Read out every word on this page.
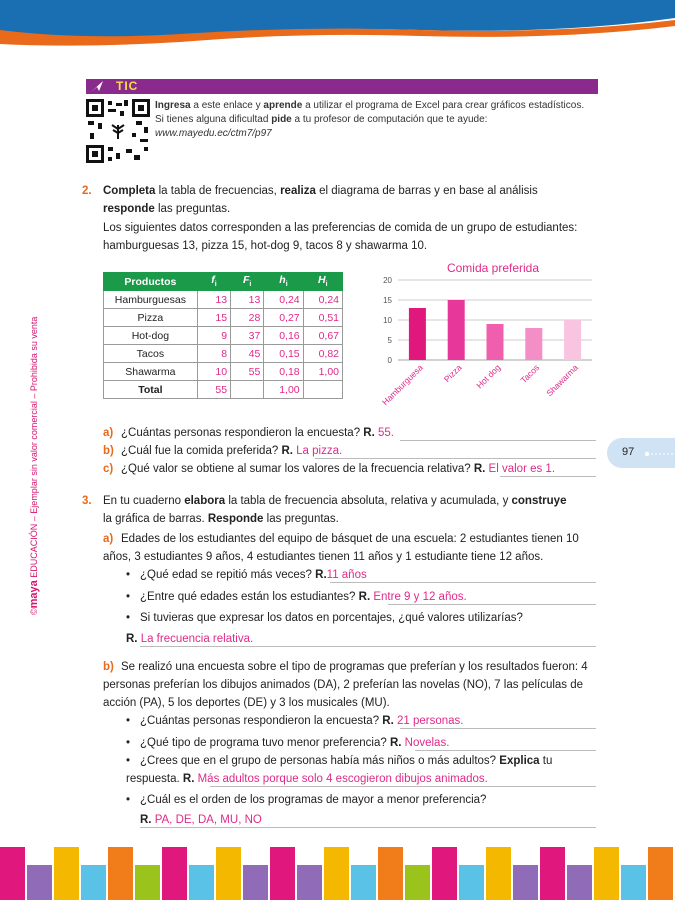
TIC
Ingresa a este enlace y aprende a utilizar el programa de Excel para crear gráficos estadísticos. Si tienes alguna dificultad pide a tu profesor de computación que te ayude:
www.mayedu.ec/ctm7/p97
2. Completa la tabla de frecuencias, realiza el diagrama de barras y en base al análisis
responde las preguntas.
Los siguientes datos corresponden a las preferencias de comida de un grupo de estudiantes: hamburguesas 13, pizza 15, hot-dog 9, tacos 8 y shawarma 10.
Productos	$f_i$	$F_i$	$h_i$	$H_i$
Hamburguesas	13	13	0,24	0,24
Pizza	15	28	0,27	0,51
Hot-dog	9	37	0,16	0,67
Tacos	8	45	0,15	0,82
Shawarma	10	55	0,18	1,00
Total	55		1,00	
Comida preferida
0
5
10
15
20
Hamburguesa Pizza Hot dog Tacos Shawarma
a) ¿Cuántas personas respondieron la encuesta? R. 55.
b) ¿Cuál fue la comida preferida? R. La pizza.
c) ¿Qué valor se obtiene al sumar los valores de la frecuencia relativa? R. El valor es 1.
97
3. En tu cuaderno elabora la tabla de frecuencia absoluta, relativa y acumulada, y construye
la gráfica de barras. Responde las preguntas.
a) Edades de los estudiantes del equipo de básquet de una escuela: 2 estudiantes tienen 10 años, 3 estudiantes 9 años, 4 estudiantes tienen 11 años y 1 estudiante tiene 12 años.
• ¿Qué edad se repitió más veces? R.11 años
• ¿Entre qué edades están los estudiantes? R. Entre 9 y 12 años.
• Si tuvieras que expresar los datos en porcentajes, ¿qué valores utilizarías?
R. La frecuencia relativa.
b) Se realizó una encuesta sobre el tipo de programas que preferían y los resultados fueron: 4 personas preferían los dibujos animados (DA), 2 preferían las novelas (NO), 7 las películas de acción (PA), 5 los deportes (DE) y 3 los musicales (MU).
• ¿Cuántas personas respondieron la encuesta? R. 21 personas.
• ¿Qué tipo de programa tuvo menor preferencia? R. Novelas.
• ¿Crees que en el grupo de personas había más niños o más adultos? Explica tu respuesta. R. Más adultos porque solo 4 escogieron dibujos animados.
• ¿Cuál es el orden de los programas de mayor a menor preferencia?
R. PA, DE, DA, MU, NO
©maya EDUCACIÓN – Ejemplar sin valor comercial – Prohibida su venta
